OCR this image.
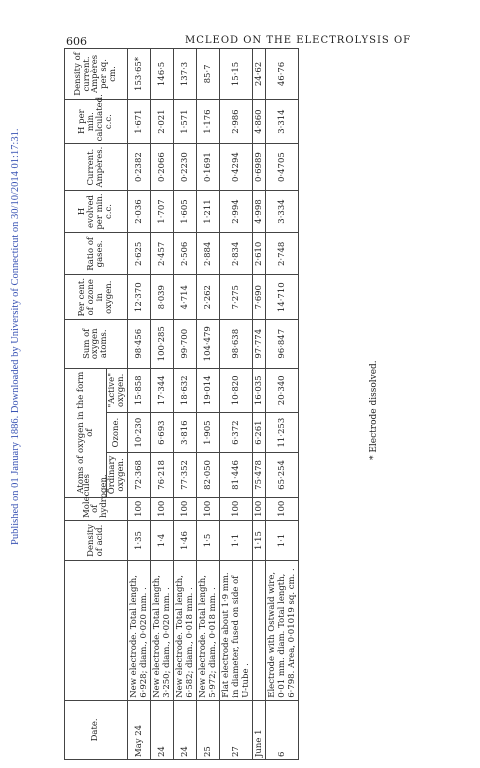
606	MCLEOD ON THE ELECTROLYSIS OF
Published on 01 January 1886. Downloaded by University of Connecticut on 30/10/2014 01:17:31.
Date.		Density of acid.	Molecules of hydrogen.	Atoms of oxygen in the form of			Sum of oxygen atoms.	Per cent. of ozone in oxygen.	Ratio of gases.	H evolved per min. c.c.	Current. Ampères.	H per min. calculated. c.c.	Density of current. Ampères per sq. cm.
				Ordinary oxygen.	Ozone.	"Active" oxygen.							
May 24	New electrode. Total length, 6·928; diam., 0·020 mm. .	1·35	100	72·368	10·230	15·858	98·456	12·370	2·625	2·036	0·2382	1·671	153·65*
24	New electrode. Total length, 3·250; diam., 0·020 mm. .	1·4	100	76·218	6·693	17·344	100·285	8·039	2·457	1·707	0·2066	2·021	146·5
24	New electrode. Total length, 6·582; diam., 0·018 mm. .	1·46	100	77·352	3·816	18·632	99·700	4·714	2·506	1·605	0·2230	1·571	137·3
25	New electrode. Total length, 5·972; diam., 0·018 mm. .	1·5	100	82·050	1·905	19·014	104·479	2·262	2·884	1·211	0·1691	1·176	85·7
27	Flat electrode about 1·9 mm. in diameter, fused on side of U-tube .	1·1	100	81·446	6·372	10·820	98·638	7·275	2·834	2·994	0·4294	2·986	15·15
June 1		1·15	100	75·478	6·261	16·035	97·774	7·690	2·610	4·998	0·6989	4·860	24·62
6	Electrode with Ostwald wire, 0·01 mm. diam. Total length, 6·798. Area, 0·01019 sq. cm. .	1·1	100	65·254	11·253	20·340	96·847	14·710	2·748	3·334	0·4705	3·314	46·76
* Electrode dissolved.
